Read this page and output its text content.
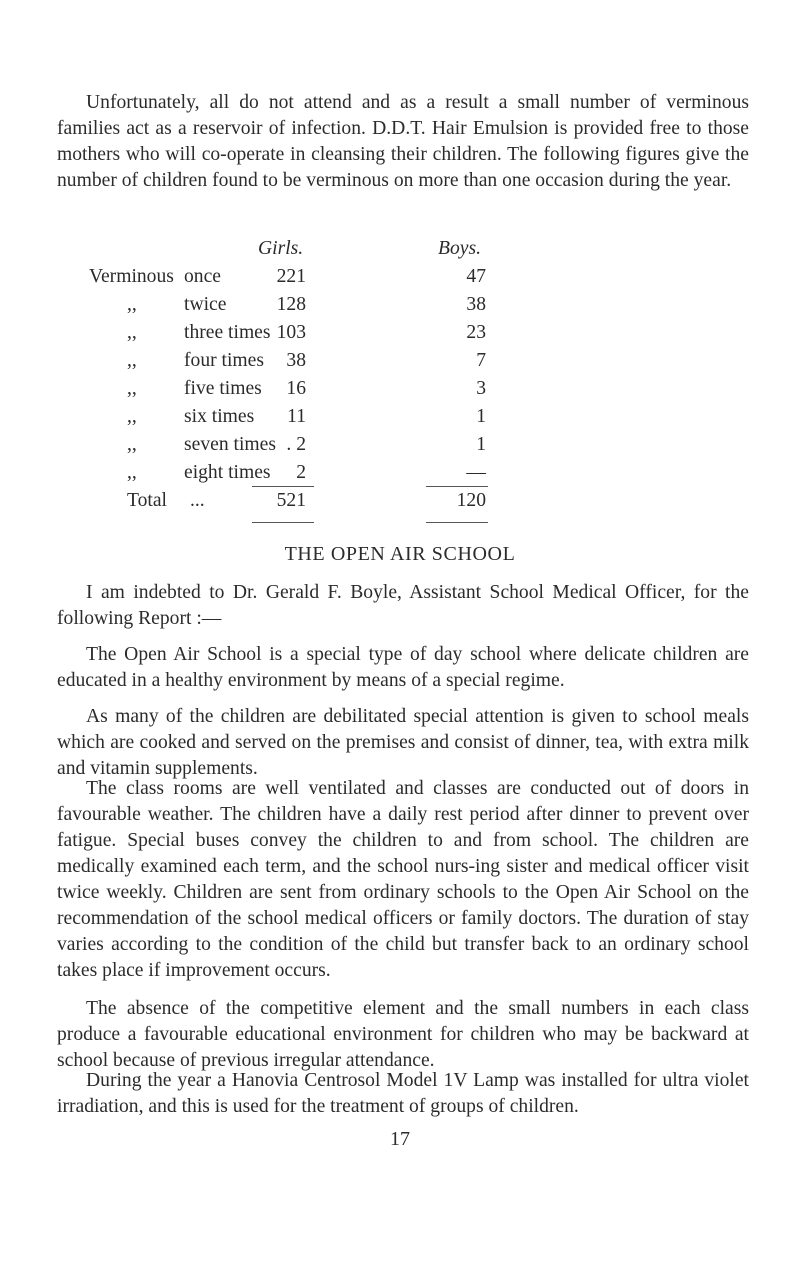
Unfortunately, all do not attend and as a result a small number of verminous families act as a reservoir of infection. D.D.T. Hair Emulsion is provided free to those mothers who will co-operate in cleansing their children. The following figures give the number of children found to be verminous on more than one occasion during the year.

Girls.	Boys.
Verminous once	221	47
,, twice	128	38
,, three times 103	23
,, four times	38	7
,, five times	16	3
,, six times	11	1
,, seven times . 2	1
,, eight times	2	—
Total ...	521	120
THE OPEN AIR SCHOOL

I am indebted to Dr. Gerald F. Boyle, Assistant School Medical Officer, for the following Report :—

The Open Air School is a special type of day school where delicate children are educated in a healthy environment by means of a special regime.

As many of the children are debilitated special attention is given to school meals which are cooked and served on the premises and consist of dinner, tea, with extra milk and vitamin supplements.

The class rooms are well ventilated and classes are conducted out of doors in favourable weather. The children have a daily rest period after dinner to prevent over fatigue. Special buses convey the children to and from school. The children are medically examined each term, and the school nurs-ing sister and medical officer visit twice weekly. Children are sent from ordinary schools to the Open Air School on the recommendation of the school medical officers or family doctors. The duration of stay varies according to the condition of the child but transfer back to an ordinary school takes place if improvement occurs.

The absence of the competitive element and the small numbers in each class produce a favourable educational environment for children who may be backward at school because of previous irregular attendance.

During the year a Hanovia Centrosol Model 1V Lamp was installed for ultra violet irradiation, and this is used for the treatment of groups of children.

17
